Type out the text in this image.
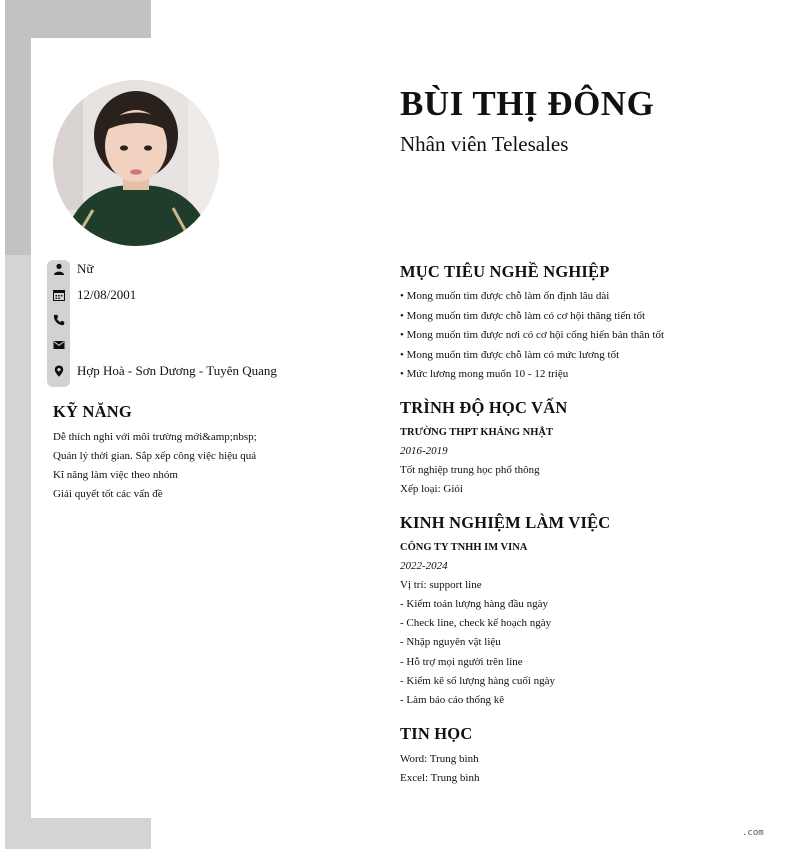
BÙI THỊ ĐÔNG
Nhân viên Telesales
Nữ
12/08/2001
Hợp Hoà - Sơn Dương - Tuyên Quang
KỸ NĂNG
Dễ thích nghi với môi trường mới&amp;nbsp;
Quản lý thời gian. Sắp xếp công việc hiệu quả
Kĩ năng làm việc theo nhóm
Giải quyết tốt các vấn đề
MỤC TIÊU NGHỀ NGHIỆP
• Mong muốn tìm được chỗ làm ổn định lâu dài
• Mong muốn tìm được chỗ làm có cơ hội thăng tiến tốt
• Mong muốn tìm được nơi có cơ hội cống hiến bản thân tốt
• Mong muốn tìm được chỗ làm có mức lương tốt
• Mức lương mong muốn 10 - 12 triệu
TRÌNH ĐỘ HỌC VẤN
TRƯỜNG THPT KHÁNG NHẬT
2016-2019
Tốt nghiệp trung học phổ thông
Xếp loại: Giỏi
KINH NGHIỆM LÀM VIỆC
CÔNG TY TNHH IM VINA
2022-2024
Vị trí: support line
- Kiểm toán lượng hàng đầu ngày
- Check line, check kế hoạch ngày
- Nhập nguyên vật liệu
- Hỗ trợ mọi người trên line
- Kiểm kê số lượng hàng cuối ngày
- Làm báo cáo thống kê
TIN HỌC
Word: Trung bình
Excel: Trung bình
.com
